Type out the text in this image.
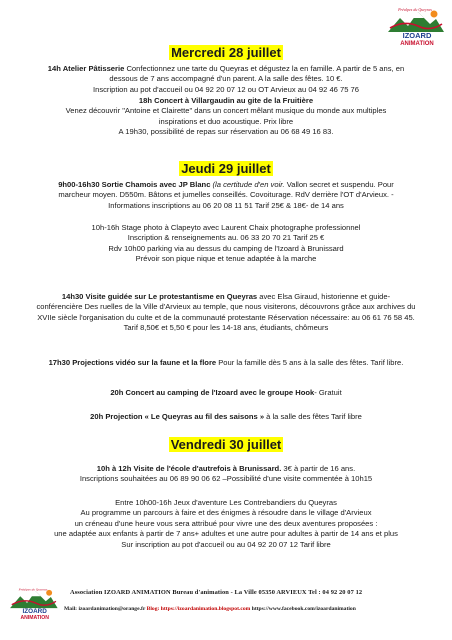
Préalpes du Queyras
IZOARD
ANIMATION
Mercredi 28 juillet

14h Atelier Pâtisserie Confectionnez une tarte du Queyras et dégustez la en famille. A partir de 5 ans, en

dessous de 7 ans accompagné d'un parent. A la salle des fêtes. 10 €.

Inscription au pot d'accueil ou 04 92 20 07 12 ou OT Arvieux au 04 92 46 75 76

18h Concert à Villargaudin au gite de la Fruitière

Venez découvrir "Antoine et Clairette" dans un concert mêlant musique du monde aux multiples

inspirations et duo acoustique. Prix libre

A 19h30, possibilité de repas sur réservation au 06 68 49 16 83.

Jeudi 29 juillet

9h00-16h30 Sortie Chamois avec JP Blanc (la certitude d'en voir. Vallon secret et suspendu. Pour

marcheur moyen. D550m. Bâtons et jumelles conseillés. Covoiturage. RdV derrière l'OT d'Arvieux. -

Informations inscriptions au 06 20 08 11 51 Tarif 25€ & 18€- de 14 ans

10h-16h Stage photo à Clapeyto avec Laurent Chaix photographe professionnel

Inscription & renseignements au. 06 33 20 70 21 Tarif 25 €

Rdv 10h00 parking via au dessus du camping de l'Izoard à Brunissard

Prévoir son pique nique et tenue adaptée à la marche

14h30 Visite guidée sur Le protestantisme en Queyras avec Elsa Giraud, historienne et guide-

conférencière Des ruelles de la Ville d'Arvieux au temple, que nous visiterons, découvrons grâce aux archives du

XVIIe siècle l'organisation du culte et de la communauté protestante Réservation nécessaire: au 06 61 76 58 45.

Tarif 8,50€ et 5,50 € pour les 14-18 ans, étudiants, chômeurs

17h30 Projections vidéo sur la faune et la flore Pour la famille dès 5 ans à la salle des fêtes. Tarif libre.

20h Concert au camping de l'Izoard avec le groupe Hook- Gratuit

20h Projection « Le Queyras au fil des saisons » à la salle des fêtes Tarif libre

Vendredi 30 juillet

10h à 12h Visite de l'école d'autrefois à Brunissard. 3€ à partir de 16 ans.

Inscriptions souhaitées au 06 89 90 06 62 –Possibilité d'une visite commentée à 10h15

Entre 10h00-16h Jeux d'aventure Les Contrebandiers du Queyras

Au programme un parcours à faire et des énigmes à résoudre dans le village d'Arvieux

un créneau d'une heure vous sera attribué pour vivre une des deux aventures proposées :

une adaptée aux enfants à partir de 7 ans+ adultes et une autre pour adultes à partir de 14 ans et plus

Sur inscription au pot d'accueil ou au 04 92 20 07 12 Tarif libre

Préalpes du Queyras
IZOARD
ANIMATION
Association IZOARD ANIMATION Bureau d'animation - La Ville 05350 ARVIEUX Tel : 04 92 20 07 12
Mail: izoardanimation@orange.fr Blog: https://izoardanimation.blogspot.com https://www.facebook.com/izoardanimation
